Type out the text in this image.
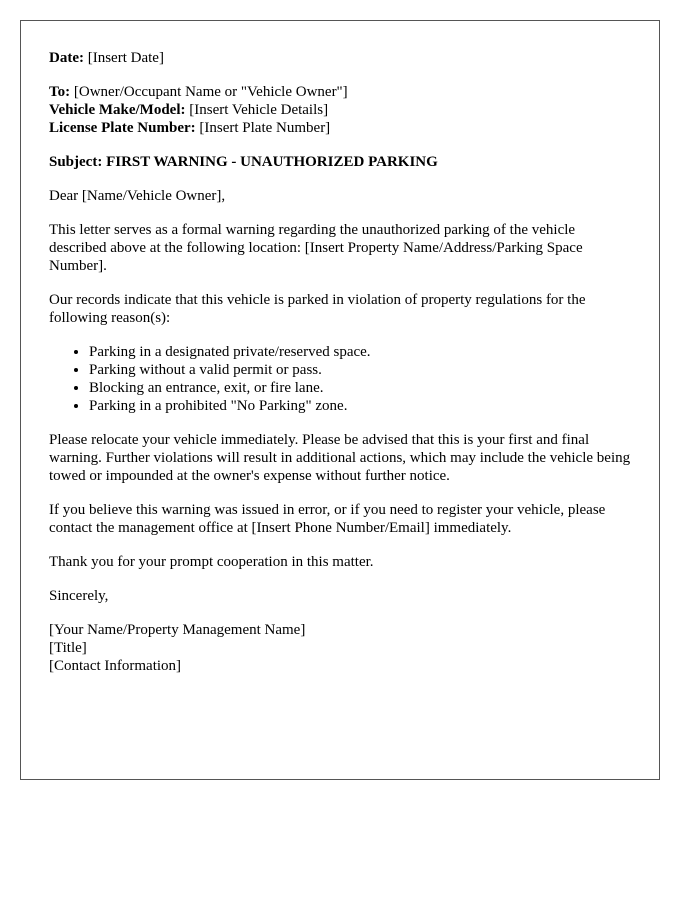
Date: [Insert Date]

To: [Owner/Occupant Name or "Vehicle Owner"]
Vehicle Make/Model: [Insert Vehicle Details]
License Plate Number: [Insert Plate Number]

Subject: FIRST WARNING - UNAUTHORIZED PARKING

Dear [Name/Vehicle Owner],

This letter serves as a formal warning regarding the unauthorized parking of the vehicle described above at the following location: [Insert Property Name/Address/Parking Space Number].

Our records indicate that this vehicle is parked in violation of property regulations for the following reason(s):

• Parking in a designated private/reserved space.
• Parking without a valid permit or pass.
• Blocking an entrance, exit, or fire lane.
• Parking in a prohibited "No Parking" zone.

Please relocate your vehicle immediately. Please be advised that this is your first and final warning. Further violations will result in additional actions, which may include the vehicle being towed or impounded at the owner's expense without further notice.

If you believe this warning was issued in error, or if you need to register your vehicle, please contact the management office at [Insert Phone Number/Email] immediately.

Thank you for your prompt cooperation in this matter.

Sincerely,

[Your Name/Property Management Name]
[Title]
[Contact Information]
